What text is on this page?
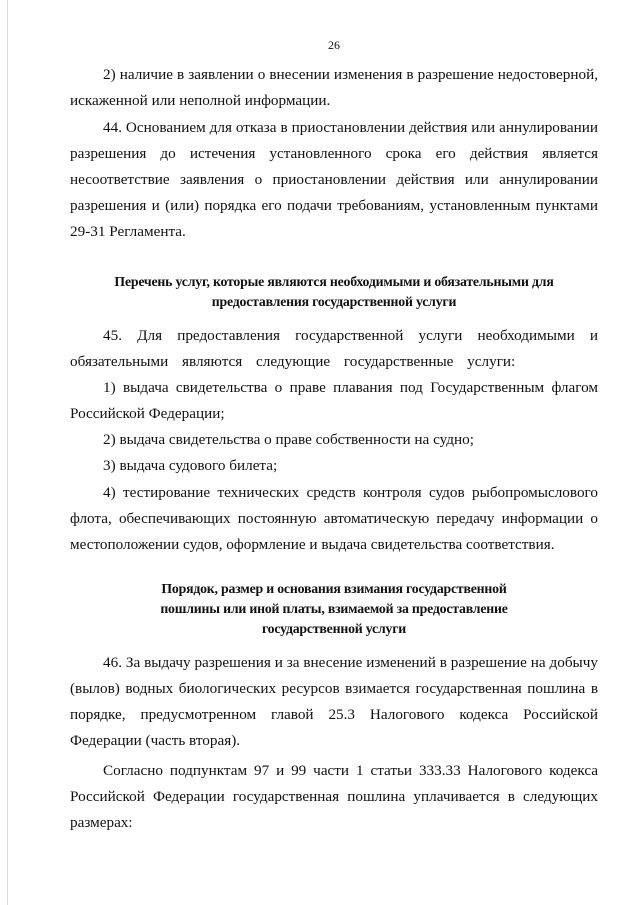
26

2) наличие в заявлении о внесении изменения в разрешение недостоверной, искаженной или неполной информации.

44. Основанием для отказа в приостановлении действия или аннулировании разрешения до истечения установленного срока его действия является несоответствие заявления о приостановлении действия или аннулировании разрешения и (или) порядка его подачи требованиям, установленным пунктами 29-31 Регламента.

Перечень услуг, которые являются необходимыми и обязательными для
предоставления государственной услуги

45. Для предоставления государственной услуги необходимыми и обязательными являются следующие государственные услуги:

1) выдача свидетельства о праве плавания под Государственным флагом Российской Федерации;

2) выдача свидетельства о праве собственности на судно;

3) выдача судового билета;

4) тестирование технических средств контроля судов рыбопромыслового флота, обеспечивающих постоянную автоматическую передачу информации о местоположении судов, оформление и выдача свидетельства соответствия.

Порядок, размер и основания взимания государственной
пошлины или иной платы, взимаемой за предоставление
государственной услуги

46. За выдачу разрешения и за внесение изменений в разрешение на добычу (вылов) водных биологических ресурсов взимается государственная пошлина в порядке, предусмотренном главой 25.3 Налогового кодекса Российской Федерации (часть вторая).

Согласно подпунктам 97 и 99 части 1 статьи 333.33 Налогового кодекса Российской Федерации государственная пошлина уплачивается в следующих размерах:
